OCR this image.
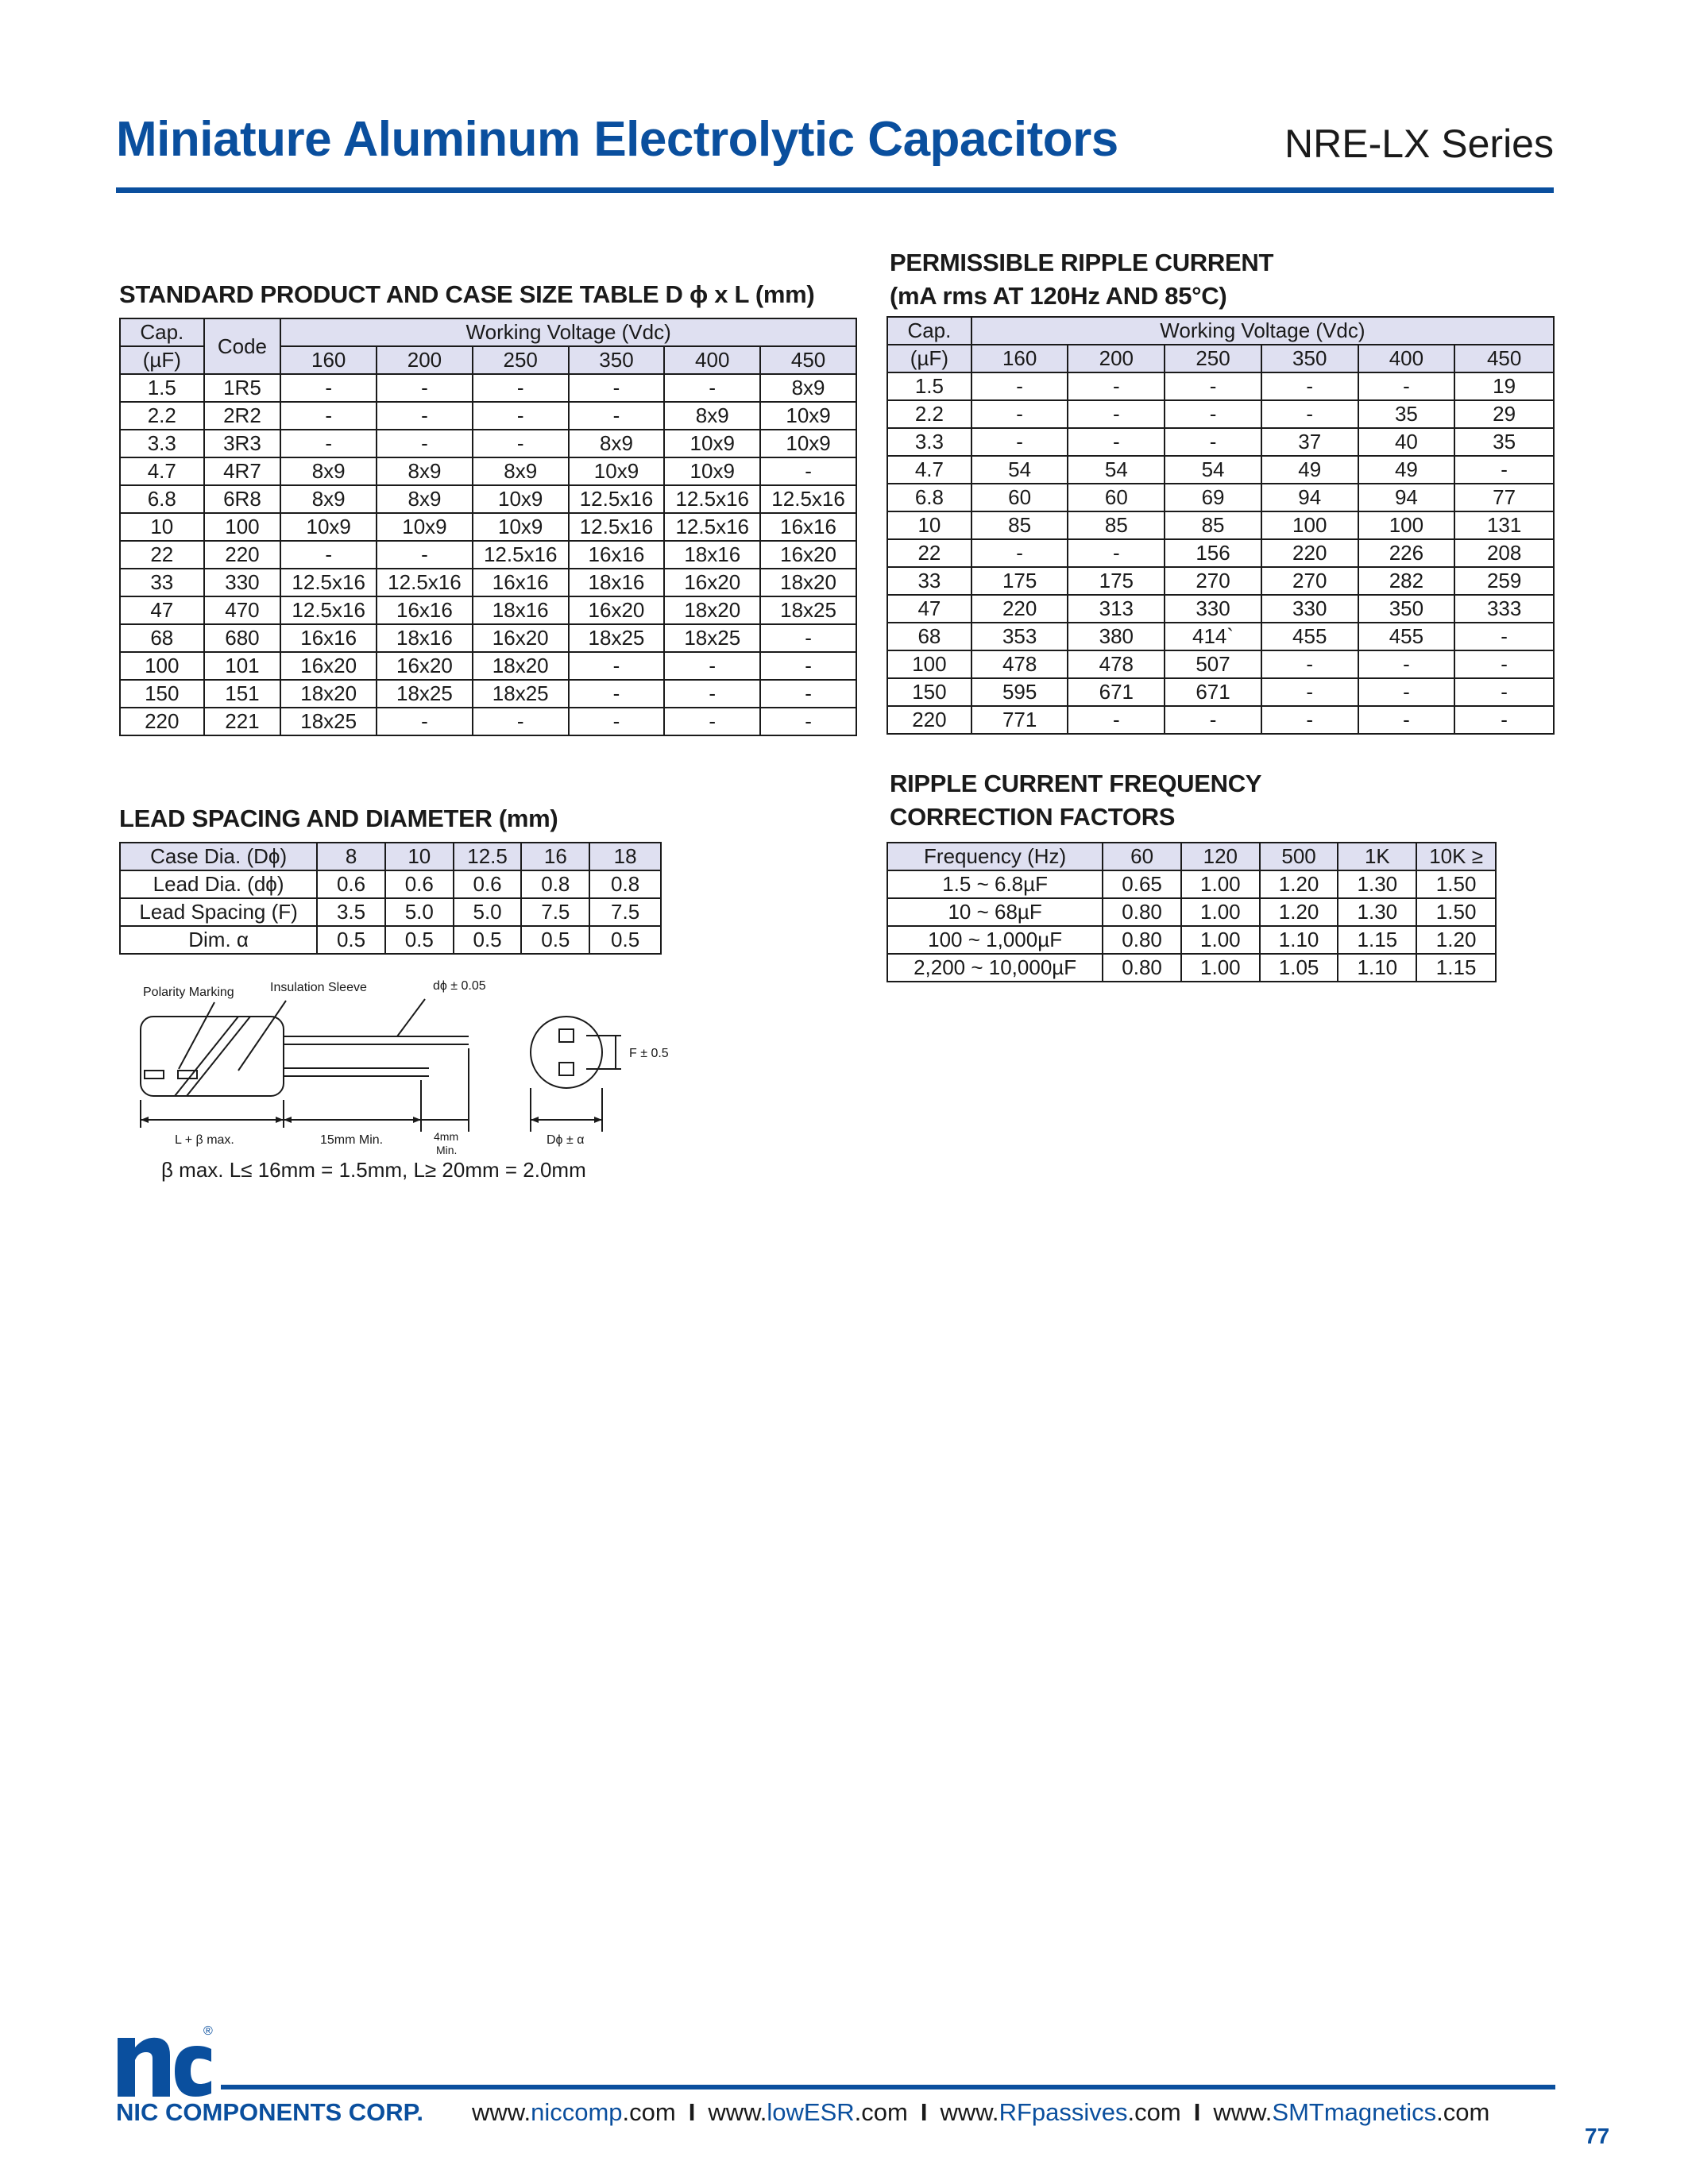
Miniature Aluminum Electrolytic Capacitors	NRE-LX Series
STANDARD PRODUCT AND CASE SIZE TABLE D ϕ x L (mm)
Cap.	Code	Working Voltage (Vdc)					
(µF)		160	200	250	350	400	450
1.5	1R5	-	-	-	-	-	8x9
2.2	2R2	-	-	-	-	8x9	10x9
3.3	3R3	-	-	-	8x9	10x9	10x9
4.7	4R7	8x9	8x9	8x9	10x9	10x9	-
6.8	6R8	8x9	8x9	10x9	12.5x16	12.5x16	12.5x16
10	100	10x9	10x9	10x9	12.5x16	12.5x16	16x16
22	220	-	-	12.5x16	16x16	18x16	16x20
33	330	12.5x16	12.5x16	16x16	18x16	16x20	18x20
47	470	12.5x16	16x16	18x16	16x20	18x20	18x25
68	680	16x16	18x16	16x20	18x25	18x25	-
100	101	16x20	16x20	18x20	-	-	-
150	151	18x20	18x25	18x25	-	-	-
220	221	18x25	-	-	-	-	-
PERMISSIBLE RIPPLE CURRENT
(mA rms AT 120Hz AND 85°C)
Cap.	Working Voltage (Vdc)					
(µF)	160	200	250	350	400	450
1.5	-	-	-	-	-	19
2.2	-	-	-	-	35	29
3.3	-	-	-	37	40	35
4.7	54	54	54	49	49	-
6.8	60	60	69	94	94	77
10	85	85	85	100	100	131
22	-	-	156	220	226	208
33	175	175	270	270	282	259
47	220	313	330	330	350	333
68	353	380	414`	455	455	-
100	478	478	507	-	-	-
150	595	671	671	-	-	-
220	771	-	-	-	-	-
LEAD SPACING AND DIAMETER (mm)
Case Dia. (Dϕ)	8	10	12.5	16	18
Lead Dia. (dϕ)	0.6	0.6	0.6	0.8	0.8
Lead Spacing (F)	3.5	5.0	5.0	7.5	7.5
Dim. α	0.5	0.5	0.5	0.5	0.5
RIPPLE CURRENT FREQUENCY
CORRECTION FACTORS
Frequency (Hz)	60	120	500	1K	10K ≥
1.5 ~ 6.8µF	0.65	1.00	1.20	1.30	1.50
10 ~ 68µF	0.80	1.00	1.20	1.30	1.50
100 ~ 1,000µF	0.80	1.00	1.10	1.15	1.20
2,200 ~ 10,000µF	0.80	1.00	1.05	1.10	1.15
Polarity Marking	Insulation Sleeve	dϕ ± 0.05
F ± 0.5
L + β max.	15mm Min.	4mm
Min.
Dϕ ± α
β max. L≤ 16mm = 1.5mm, L≥ 20mm = 2.0mm
®
NIC COMPONENTS CORP. www.niccomp.com I www.lowESR.com I www.RFpassives.com I www.SMTmagnetics.com
77
